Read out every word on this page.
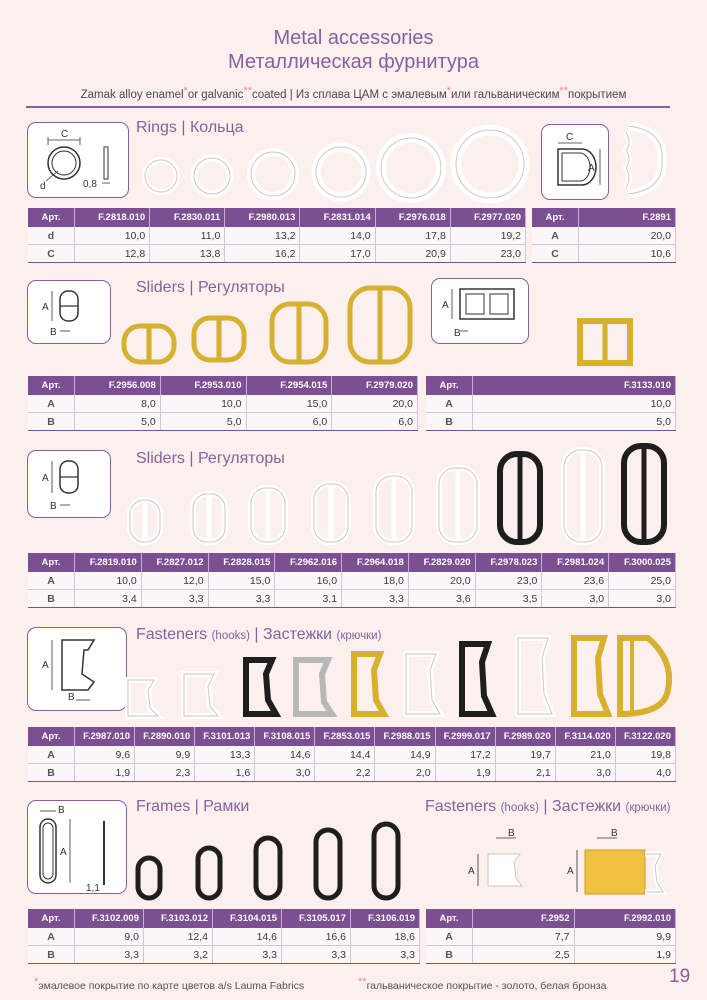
Metal accessories
Металлическая фурнитура
Zamak alloy enamel*or galvanic**coated | Из сплава ЦАМ с эмалевым*или гальваническим**покрытием
C
d	0,8
Rings | Кольца
C
A
Арт.	F.2818.010	F.2830.011	F.2980.013	F.2831.014	F.2976.018	F.2977.020
d	10,0	11,0	13,2	14,0	17,8	19,2
C	12,8	13,8	16,2	17,0	20,9	23,0
Арт.	F.2891
A	20,0
C	10,6
A
B
Sliders | Регуляторы
A
B
Арт.	F.2956.008	F.2953.010	F.2954.015	F.2979.020
A	8,0	10,0	15,0	20,0
B	5,0	5,0	6,0	6,0
Арт.	F.3133.010
A	10,0
B	5,0
A
B
Sliders | Регуляторы
Арт.	F.2819.010	F.2827.012	F.2828.015	F.2962.016	F.2964.018	F.2829.020	F.2978.023	F.2981.024	F.3000.025
A	10,0	12,0	15,0	16,0	18,0	20,0	23,0	23,6	25,0
B	3,4	3,3	3,3	3,1	3,3	3,6	3,5	3,0	3,0
A
B
Fasteners (hooks) | Застежки (крючки)
Арт.	F.2987.010	F.2890.010	F.3101.013	F.3108.015	F.2853.015	F.2988.015	F.2999.017	F.2989.020	F.3114.020	F.3122.020
A	9,6	9,9	13,3	14,6	14,4	14,9	17,2	19,7	21,0	19,8
B	1,9	2,3	1,6	3,0	2,2	2,0	1,9	2,1	3,0	4,0
B
A
1,1
Frames | Рамки
Арт.	F.3102.009	F.3103.012	F.3104.015	F.3105.017	F.3106.019
A	9,0	12,4	14,6	16,6	18,6
B	3,3	3,2	3,3	3,3	3,3
Fasteners (hooks) | Застежки (крючки)
B
A
B
A
Арт.	F.2952	F.2992.010
A	7,7	9,9
B	2,5	1,9
*эмалевое покрытие по карте цветов a/s Lauma Fabrics	**гальваническое покрытие - золото, белая бронза	19
